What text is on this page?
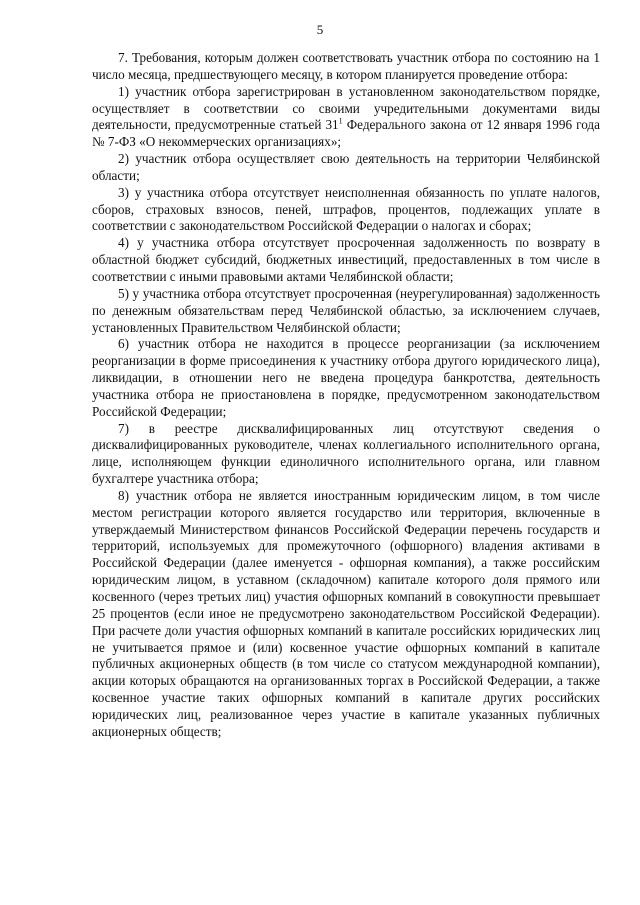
5

7. Требования, которым должен соответствовать участник отбора по состоянию на 1 число месяца, предшествующего месяцу, в котором планируется проведение отбора:

1) участник отбора зарегистрирован в установленном законодательством порядке, осуществляет в соответствии со своими учредительными документами виды деятельности, предусмотренные статьей $31^1$ Федерального закона от 12 января 1996 года № 7-ФЗ «О некоммерческих организациях»;

2) участник отбора осуществляет свою деятельность на территории Челябинской области;

3) у участника отбора отсутствует неисполненная обязанность по уплате налогов, сборов, страховых взносов, пеней, штрафов, процентов, подлежащих уплате в соответствии с законодательством Российской Федерации о налогах и сборах;

4) у участника отбора отсутствует просроченная задолженность по возврату в областной бюджет субсидий, бюджетных инвестиций, предоставленных в том числе в соответствии с иными правовыми актами Челябинской области;

5) у участника отбора отсутствует просроченная (неурегулированная) задолженность по денежным обязательствам перед Челябинской областью, за исключением случаев, установленных Правительством Челябинской области;

6) участник отбора не находится в процессе реорганизации (за исключением реорганизации в форме присоединения к участнику отбора другого юридического лица), ликвидации, в отношении него не введена процедура банкротства, деятельность участника отбора не приостановлена в порядке, предусмотренном законодательством Российской Федерации;

7) в реестре дисквалифицированных лиц отсутствуют сведения о дисквалифицированных руководителе, членах коллегиального исполнительного органа, лице, исполняющем функции единоличного исполнительного органа, или главном бухгалтере участника отбора;

8) участник отбора не является иностранным юридическим лицом, в том числе местом регистрации которого является государство или территория, включенные в утверждаемый Министерством финансов Российской Федерации перечень государств и территорий, используемых для промежуточного (офшорного) владения активами в Российской Федерации (далее именуется - офшорная компания), а также российским юридическим лицом, в уставном (складочном) капитале которого доля прямого или косвенного (через третьих лиц) участия офшорных компаний в совокупности превышает 25 процентов (если иное не предусмотрено законодательством Российской Федерации). При расчете доли участия офшорных компаний в капитале российских юридических лиц не учитывается прямое и (или) косвенное участие офшорных компаний в капитале публичных акционерных обществ (в том числе со статусом международной компании), акции которых обращаются на организованных торгах в Российской Федерации, а также косвенное участие таких офшорных компаний в капитале других российских юридических лиц, реализованное через участие в капитале указанных публичных акционерных обществ;
